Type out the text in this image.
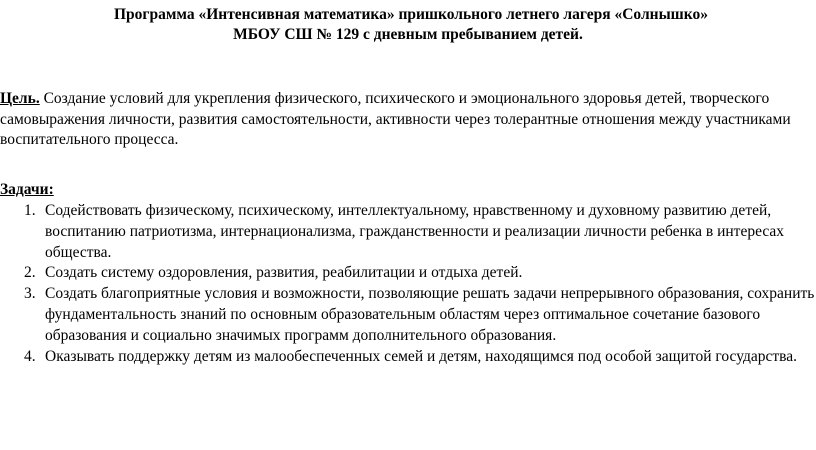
Программа «Интенсивная математика» пришкольного летнего лагеря «Солнышко»
МБОУ СШ № 129 с дневным пребыванием детей.
Цель. Создание условий для укрепления физического, психического и эмоционального здоровья детей, творческого самовыражения личности, развития самостоятельности, активности через толерантные отношения между участниками воспитательного процесса.
Задачи:
1. Содействовать физическому, психическому, интеллектуальному, нравственному и духовному развитию детей, воспитанию патриотизма, интернационализма, гражданственности и реализации личности ребенка в интересах общества.
2. Создать систему оздоровления, развития, реабилитации и отдыха детей.
3. Создать благоприятные условия и возможности, позволяющие решать задачи непрерывного образования, сохранить фундаментальность знаний по основным образовательным областям через оптимальное сочетание базового образования и социально значимых программ дополнительного образования.
4. Оказывать поддержку детям из малообеспеченных семей и детям, находящимся под особой защитой государства.
